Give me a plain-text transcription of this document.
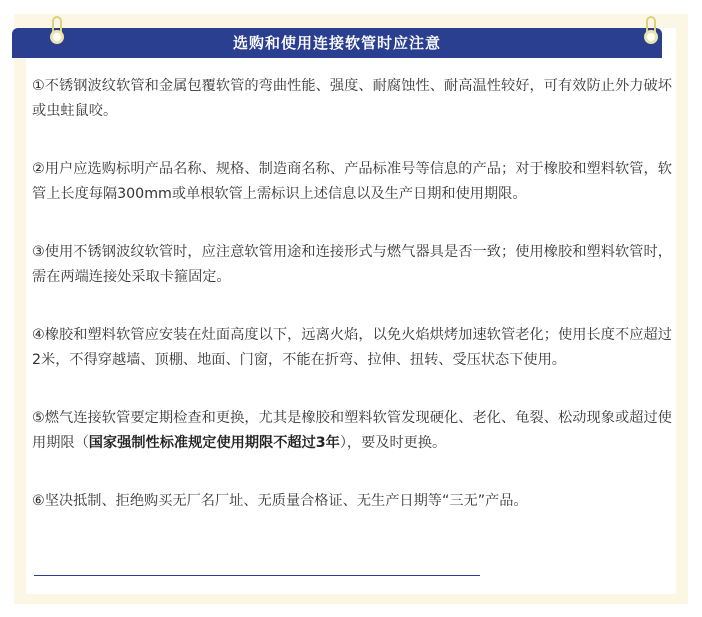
选购和使用连接软管时应注意

①不锈钢波纹软管和金属包覆软管的弯曲性能、强度、耐腐蚀性、耐高温性较好，可有效防止外力破坏或虫蛀鼠咬。

②用户应选购标明产品名称、规格、制造商名称、产品标准号等信息的产品；对于橡胶和塑料软管，软管上长度每隔300mm或单根软管上需标识上述信息以及生产日期和使用期限。

③使用不锈钢波纹软管时，应注意软管用途和连接形式与燃气器具是否一致；使用橡胶和塑料软管时，需在两端连接处采取卡箍固定。

④橡胶和塑料软管应安装在灶面高度以下，远离火焰，以免火焰烘烤加速软管老化；使用长度不应超过2米，不得穿越墙、顶棚、地面、门窗，不能在折弯、拉伸、扭转、受压状态下使用。

⑤燃气连接软管要定期检查和更换，尤其是橡胶和塑料软管发现硬化、老化、龟裂、松动现象或超过使用期限（国家强制性标准规定使用期限不超过3年），要及时更换。

⑥坚决抵制、拒绝购买无厂名厂址、无质量合格证、无生产日期等“三无”产品。
